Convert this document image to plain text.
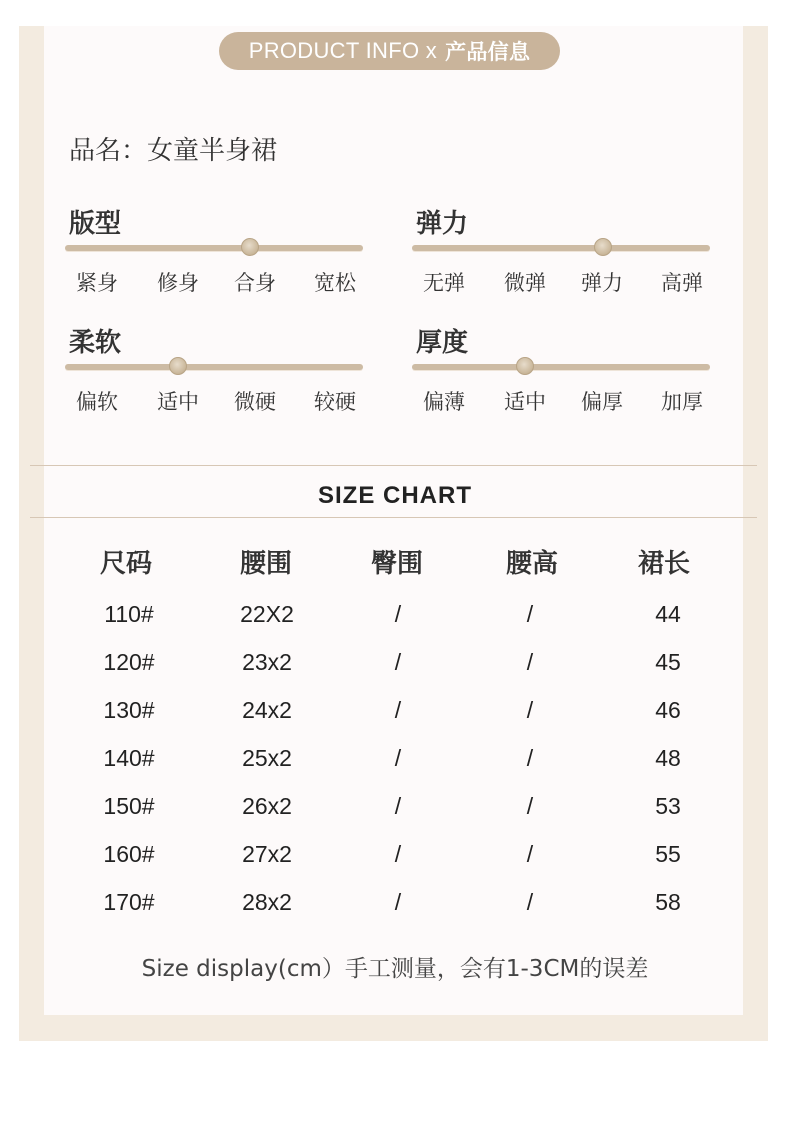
PRODUCT INFO x 产品信息
品名：女童半身裙
版型
紧身	修身	合身	宽松
弹力
无弹	微弹	弹力	高弹
柔软
偏软	适中	微硬	较硬
厚度
偏薄	适中	偏厚	加厚
SIZE CHART
尺码	腰围	臀围	腰高	裙长
110#	22X2	/	/	44
120#	23x2	/	/	45
130#	24x2	/	/	46
140#	25x2	/	/	48
150#	26x2	/	/	53
160#	27x2	/	/	55
170#	28x2	/	/	58
Size display(cm）手工测量，会有1-3CM的误差
